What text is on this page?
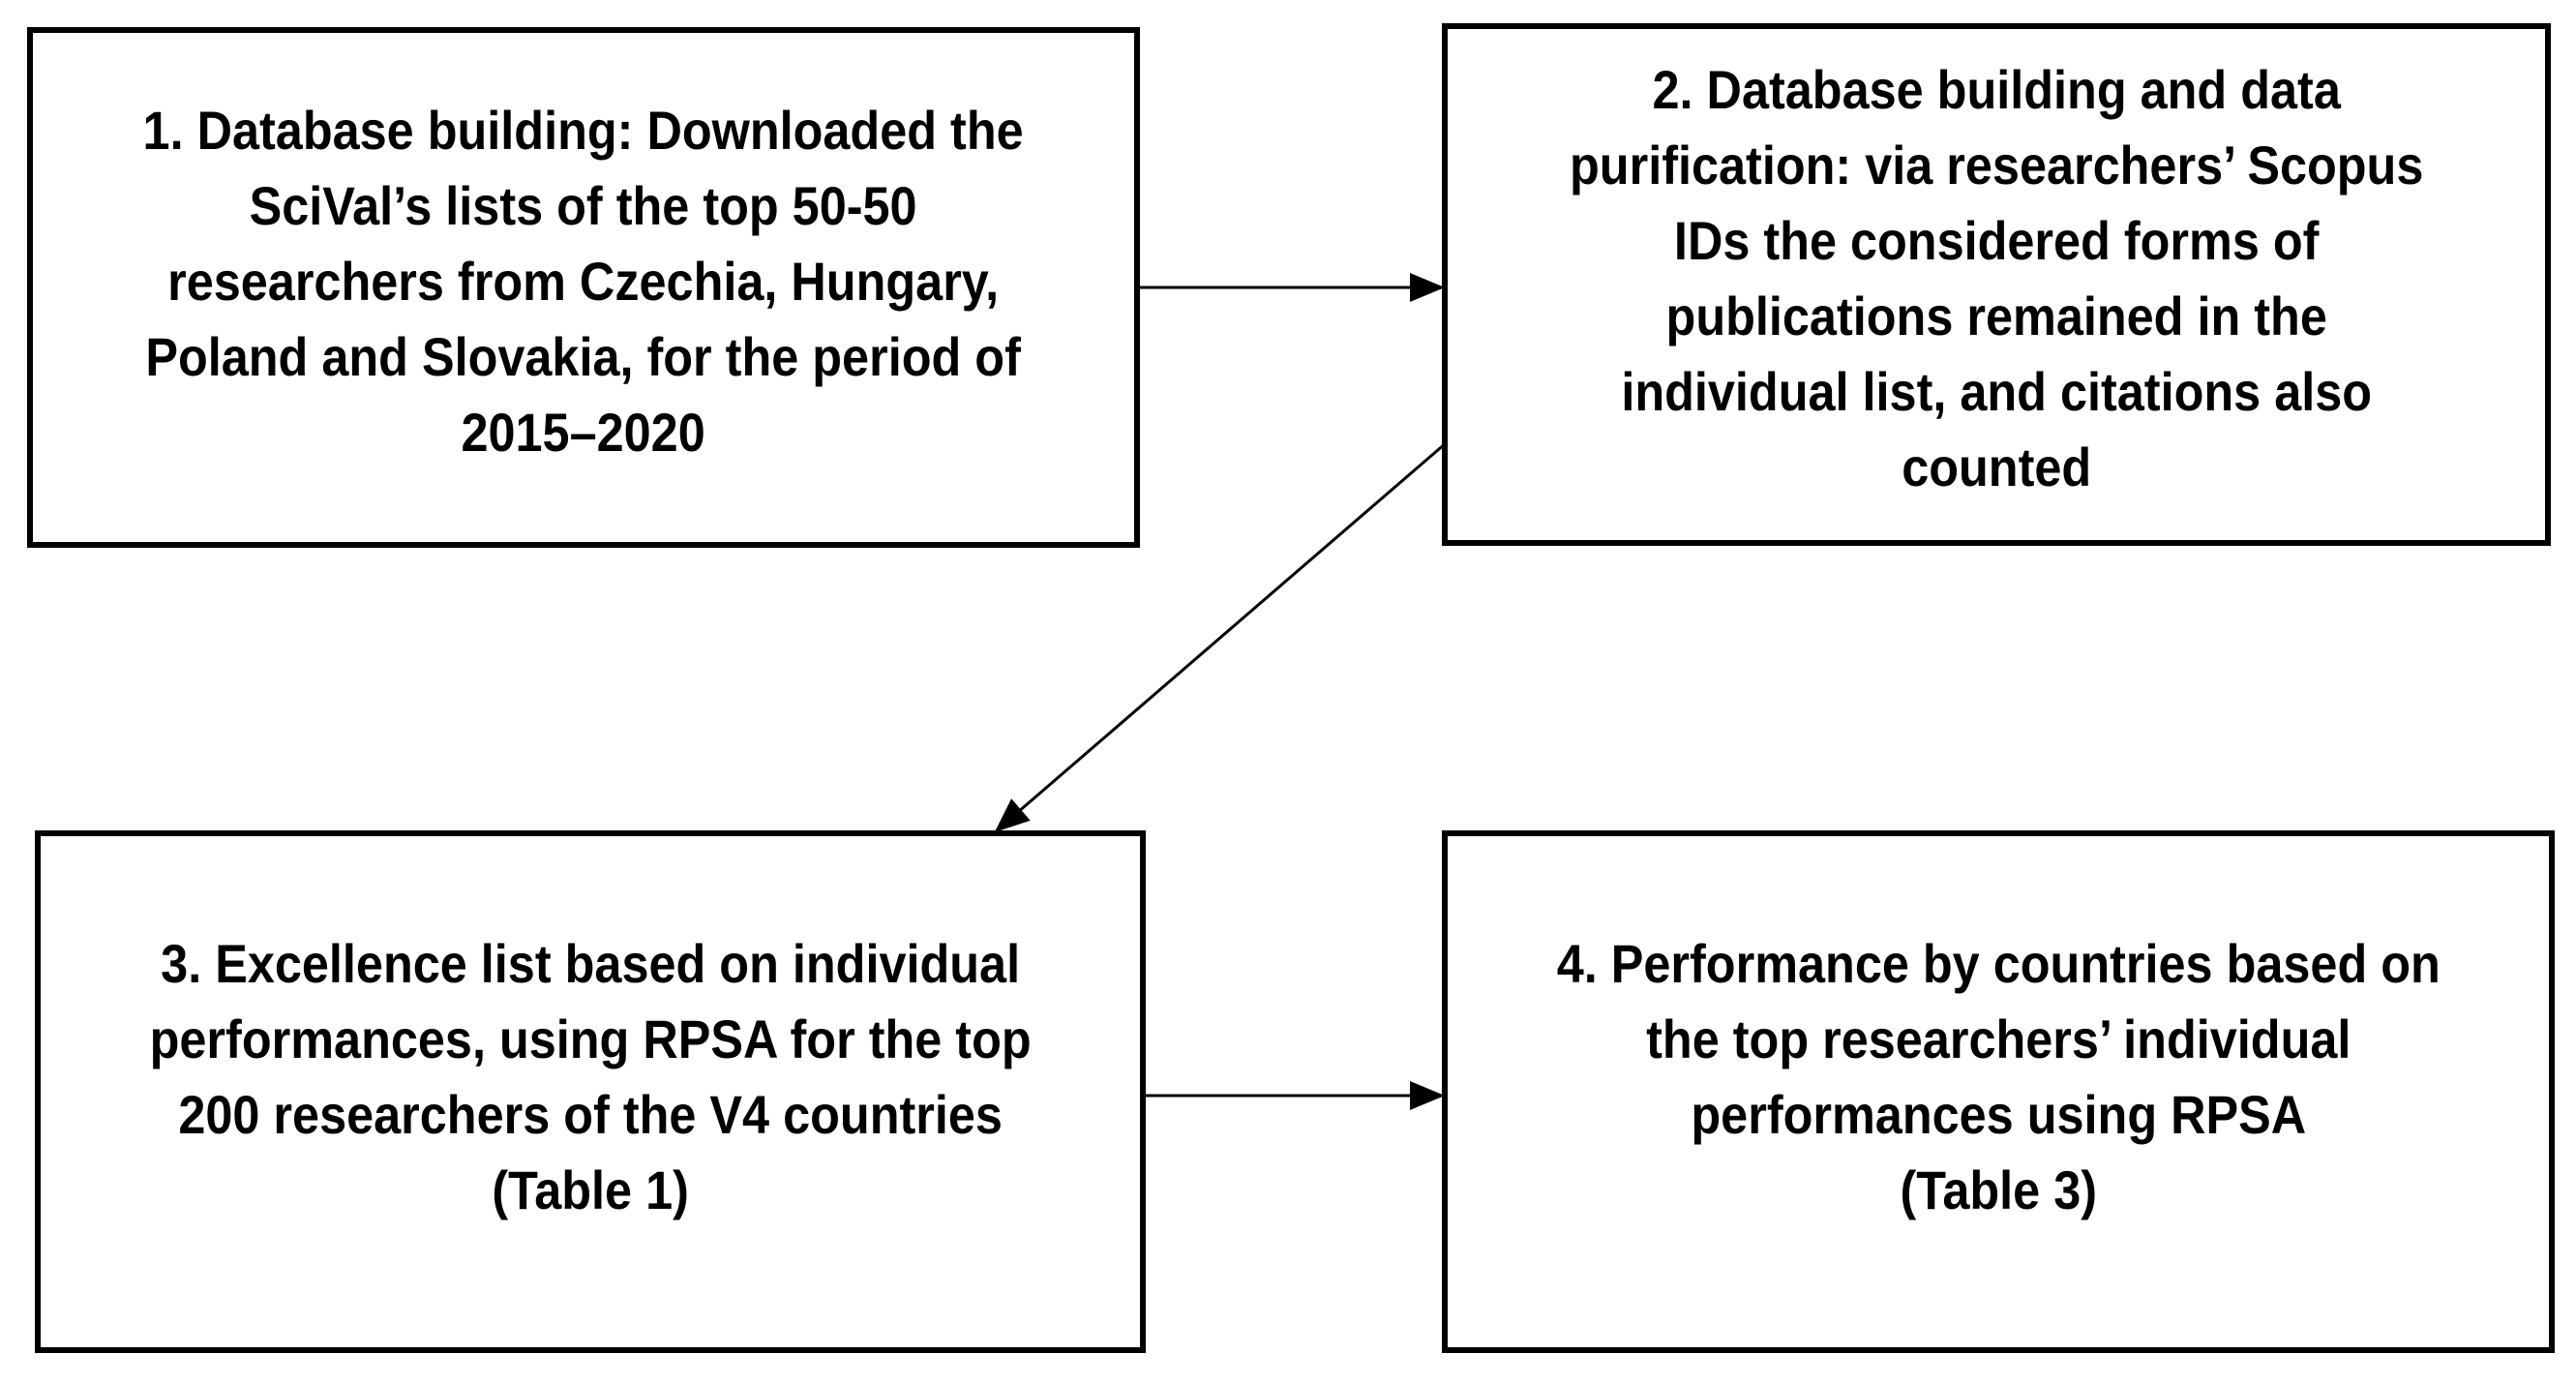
1. Database building: Downloaded the
SciVal’s lists of the top 50-50
researchers from Czechia, Hungary,
Poland and Slovakia, for the period of
2015–2020
2. Database building and data
purification: via researchers’ Scopus
IDs the considered forms of
publications remained in the
individual list, and citations also
counted
3. Excellence list based on individual
performances, using RPSA for the top
200 researchers of the V4 countries
(Table 1)
4. Performance by countries based on
the top researchers’ individual
performances using RPSA
(Table 3)
